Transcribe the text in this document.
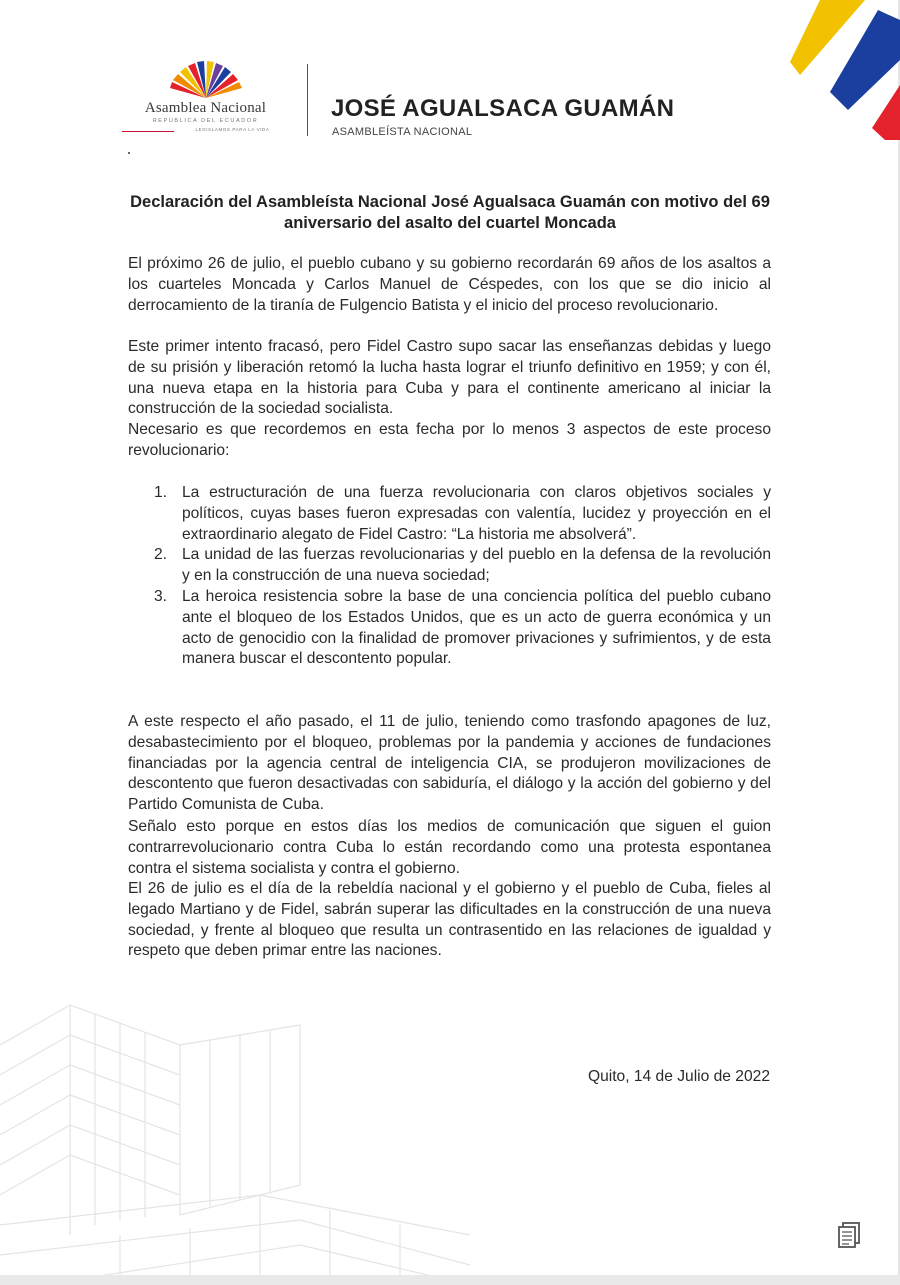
Asamblea Nacional
REPÚBLICA DEL ECUADOR
LEGISLAMOS PARA LA VIDA
JOSÉ AGUALSACA GUAMÁN
ASAMBLEÍSTA NACIONAL
Declaración del Asambleísta Nacional José Agualsaca Guamán con motivo del 69 aniversario del asalto del cuartel Moncada
El próximo 26 de julio, el pueblo cubano y su gobierno recordarán 69 años de los asaltos a los cuarteles Moncada y Carlos Manuel de Céspedes, con los que se dio inicio al derrocamiento de la tiranía de Fulgencio Batista y el inicio del proceso revolucionario.
Este primer intento fracasó, pero Fidel Castro supo sacar las enseñanzas debidas y luego de su prisión y liberación retomó la lucha hasta lograr el triunfo definitivo en 1959; y con él, una nueva etapa en la historia para Cuba y para el continente americano al iniciar la construcción de la sociedad socialista.
Necesario es que recordemos en esta fecha por lo menos 3 aspectos de este proceso revolucionario:
1. La estructuración de una fuerza revolucionaria con claros objetivos sociales y políticos, cuyas bases fueron expresadas con valentía, lucidez y proyección en el extraordinario alegato de Fidel Castro: “La historia me absolverá”.
2. La unidad de las fuerzas revolucionarias y del pueblo en la defensa de la revolución y en la construcción de una nueva sociedad;
3. La heroica resistencia sobre la base de una conciencia política del pueblo cubano ante el bloqueo de los Estados Unidos, que es un acto de guerra económica y un acto de genocidio con la finalidad de promover privaciones y sufrimientos, y de esta manera buscar el descontento popular.
A este respecto el año pasado, el 11 de julio, teniendo como trasfondo apagones de luz, desabastecimiento por el bloqueo, problemas por la pandemia y acciones de fundaciones financiadas por la agencia central de inteligencia CIA, se produjeron movilizaciones de descontento que fueron desactivadas con sabiduría, el diálogo y la acción del gobierno y del Partido Comunista de Cuba.
Señalo esto porque en estos días los medios de comunicación que siguen el guion contrarrevolucionario contra Cuba lo están recordando como una protesta espontanea contra el sistema socialista y contra el gobierno.
El 26 de julio es el día de la rebeldía nacional y el gobierno y el pueblo de Cuba, fieles al legado Martiano y de Fidel, sabrán superar las dificultades en la construcción de una nueva sociedad, y frente al bloqueo que resulta un contrasentido en las relaciones de igualdad y respeto que deben primar entre las naciones.
Quito, 14 de Julio de 2022
